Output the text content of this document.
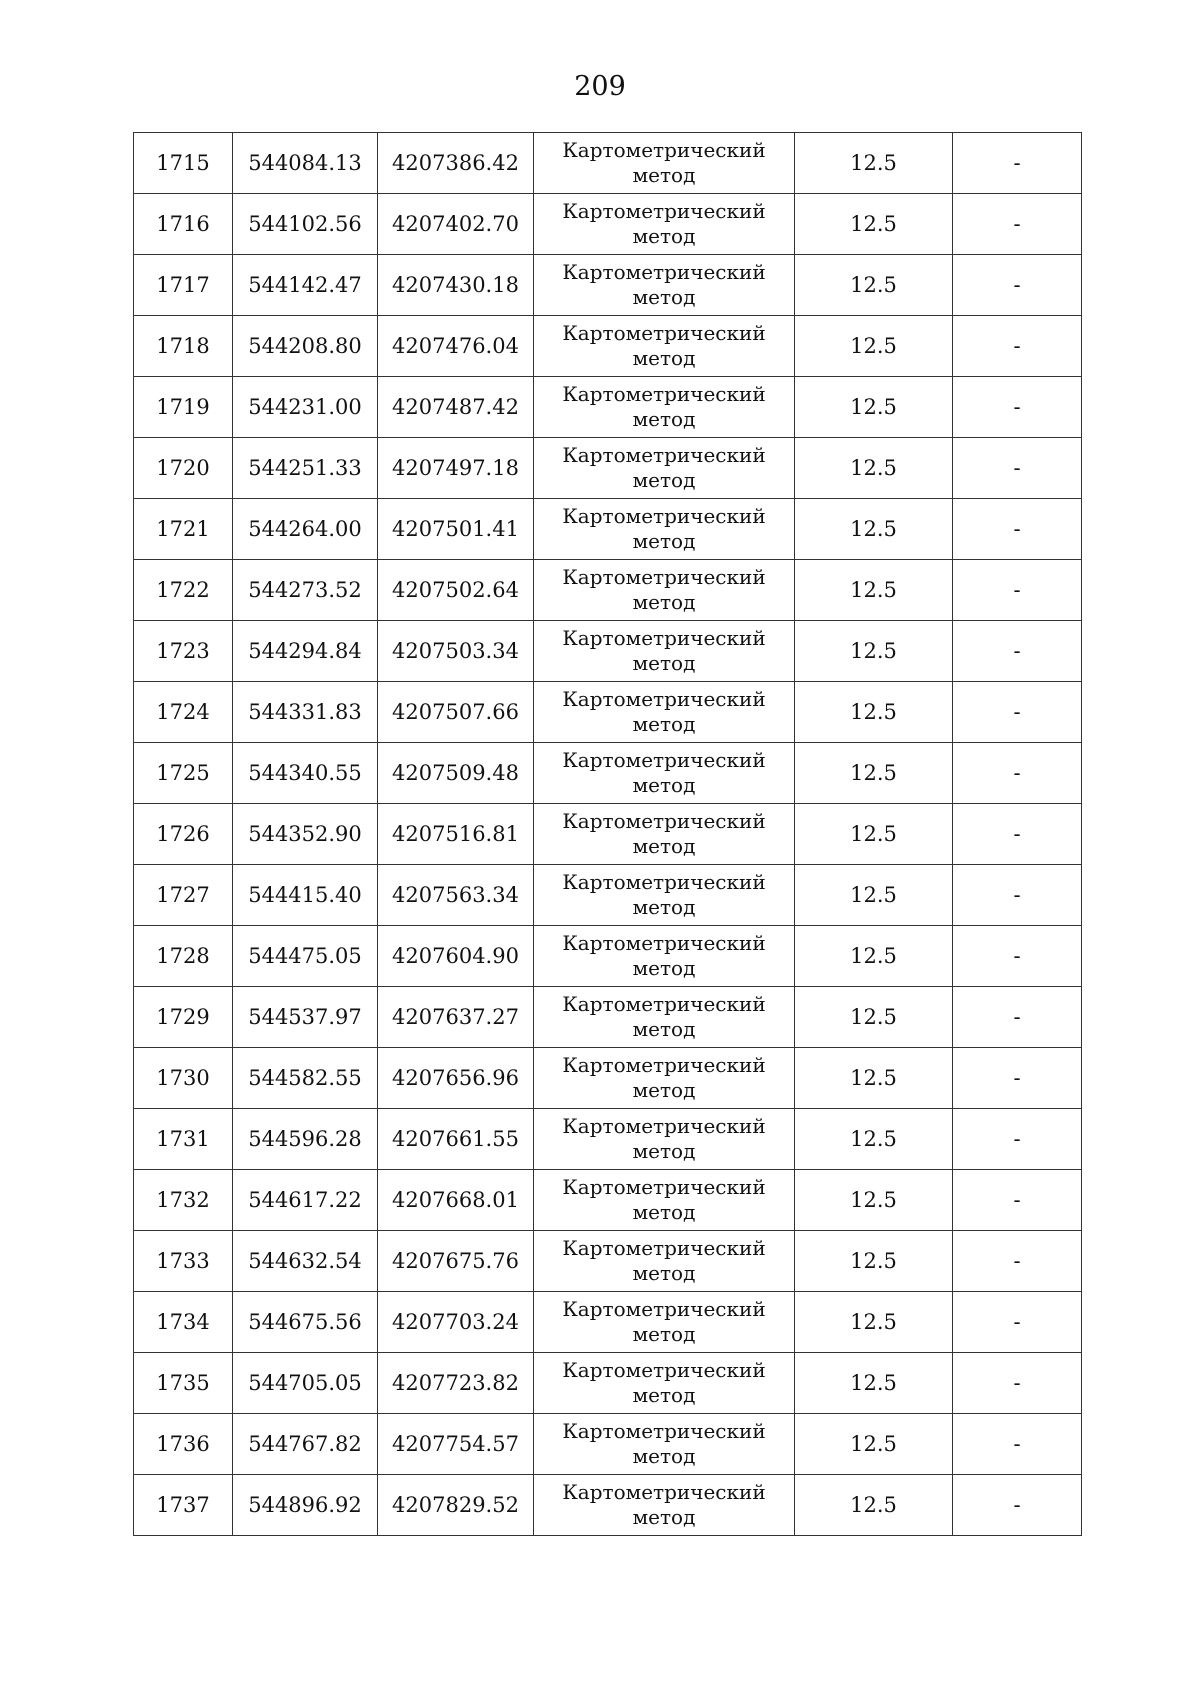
209
1715	544084.13	4207386.42	Картометрический метод	12.5	-
1716	544102.56	4207402.70	Картометрический метод	12.5	-
1717	544142.47	4207430.18	Картометрический метод	12.5	-
1718	544208.80	4207476.04	Картометрический метод	12.5	-
1719	544231.00	4207487.42	Картометрический метод	12.5	-
1720	544251.33	4207497.18	Картометрический метод	12.5	-
1721	544264.00	4207501.41	Картометрический метод	12.5	-
1722	544273.52	4207502.64	Картометрический метод	12.5	-
1723	544294.84	4207503.34	Картометрический метод	12.5	-
1724	544331.83	4207507.66	Картометрический метод	12.5	-
1725	544340.55	4207509.48	Картометрический метод	12.5	-
1726	544352.90	4207516.81	Картометрический метод	12.5	-
1727	544415.40	4207563.34	Картометрический метод	12.5	-
1728	544475.05	4207604.90	Картометрический метод	12.5	-
1729	544537.97	4207637.27	Картометрический метод	12.5	-
1730	544582.55	4207656.96	Картометрический метод	12.5	-
1731	544596.28	4207661.55	Картометрический метод	12.5	-
1732	544617.22	4207668.01	Картометрический метод	12.5	-
1733	544632.54	4207675.76	Картометрический метод	12.5	-
1734	544675.56	4207703.24	Картометрический метод	12.5	-
1735	544705.05	4207723.82	Картометрический метод	12.5	-
1736	544767.82	4207754.57	Картометрический метод	12.5	-
1737	544896.92	4207829.52	Картометрический метод	12.5	-
